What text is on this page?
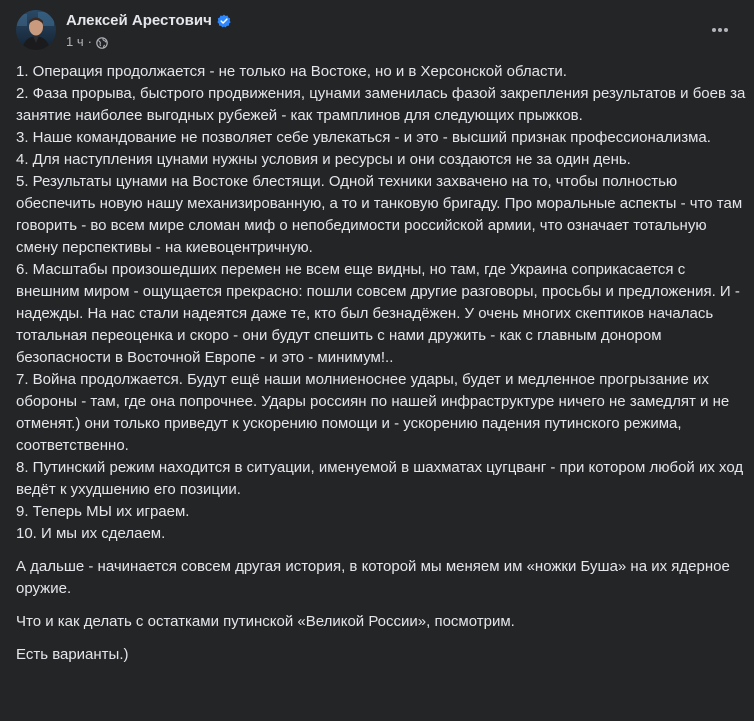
Алексей Арестович
1 ч ·

1. Операция продолжается - не только на Востоке, но и в Херсонской области.
2. Фаза прорыва, быстрого продвижения, цунами заменилась фазой закрепления результатов и боев за занятие наиболее выгодных рубежей - как трамплинов для следующих прыжков.
3. Наше командование не позволяет себе увлекаться - и это - высший признак профессионализма.
4. Для наступления цунами нужны условия и ресурсы и они создаются не за один день.
5. Результаты цунами на Востоке блестящи. Одной техники захвачено на то, чтобы полностью обеспечить новую нашу механизированную, а то и танковую бригаду. Про моральные аспекты - что там говорить - во всем мире сломан миф о непобедимости российской армии, что означает тотальную смену перспективы - на киевоцентричную.
6. Масштабы произошедших перемен не всем еще видны, но там, где Украина соприкасается с внешним миром - ощущается прекрасно: пошли совсем другие разговоры, просьбы и предложения. И - надежды. На нас стали надеятся даже те, кто был безнадёжен. У очень многих скептиков началась тотальная переоценка и скоро - они будут спешить с нами дружить - как с главным донором безопасности в Восточной Европе - и это - минимум!..
7. Война продолжается. Будут ещё наши молниеноснее удары, будет и медленное прогрызание их обороны - там, где она попрочнее. Удары россиян по нашей инфраструктуре ничего не замедлят и не отменят.) они только приведут к ускорению помощи и - ускорению падения путинского режима, соответственно.
8. Путинский режим находится в ситуации, именуемой в шахматах цугцванг - при котором любой их ход ведёт к ухудшению его позиции.
9. Теперь МЫ их играем.
10. И мы их сделаем.

А дальше - начинается совсем другая история, в которой мы меняем им «ножки Буша» на их ядерное оружие.

Что и как делать с остатками путинской «Великой России», посмотрим.

Есть варианты.)
